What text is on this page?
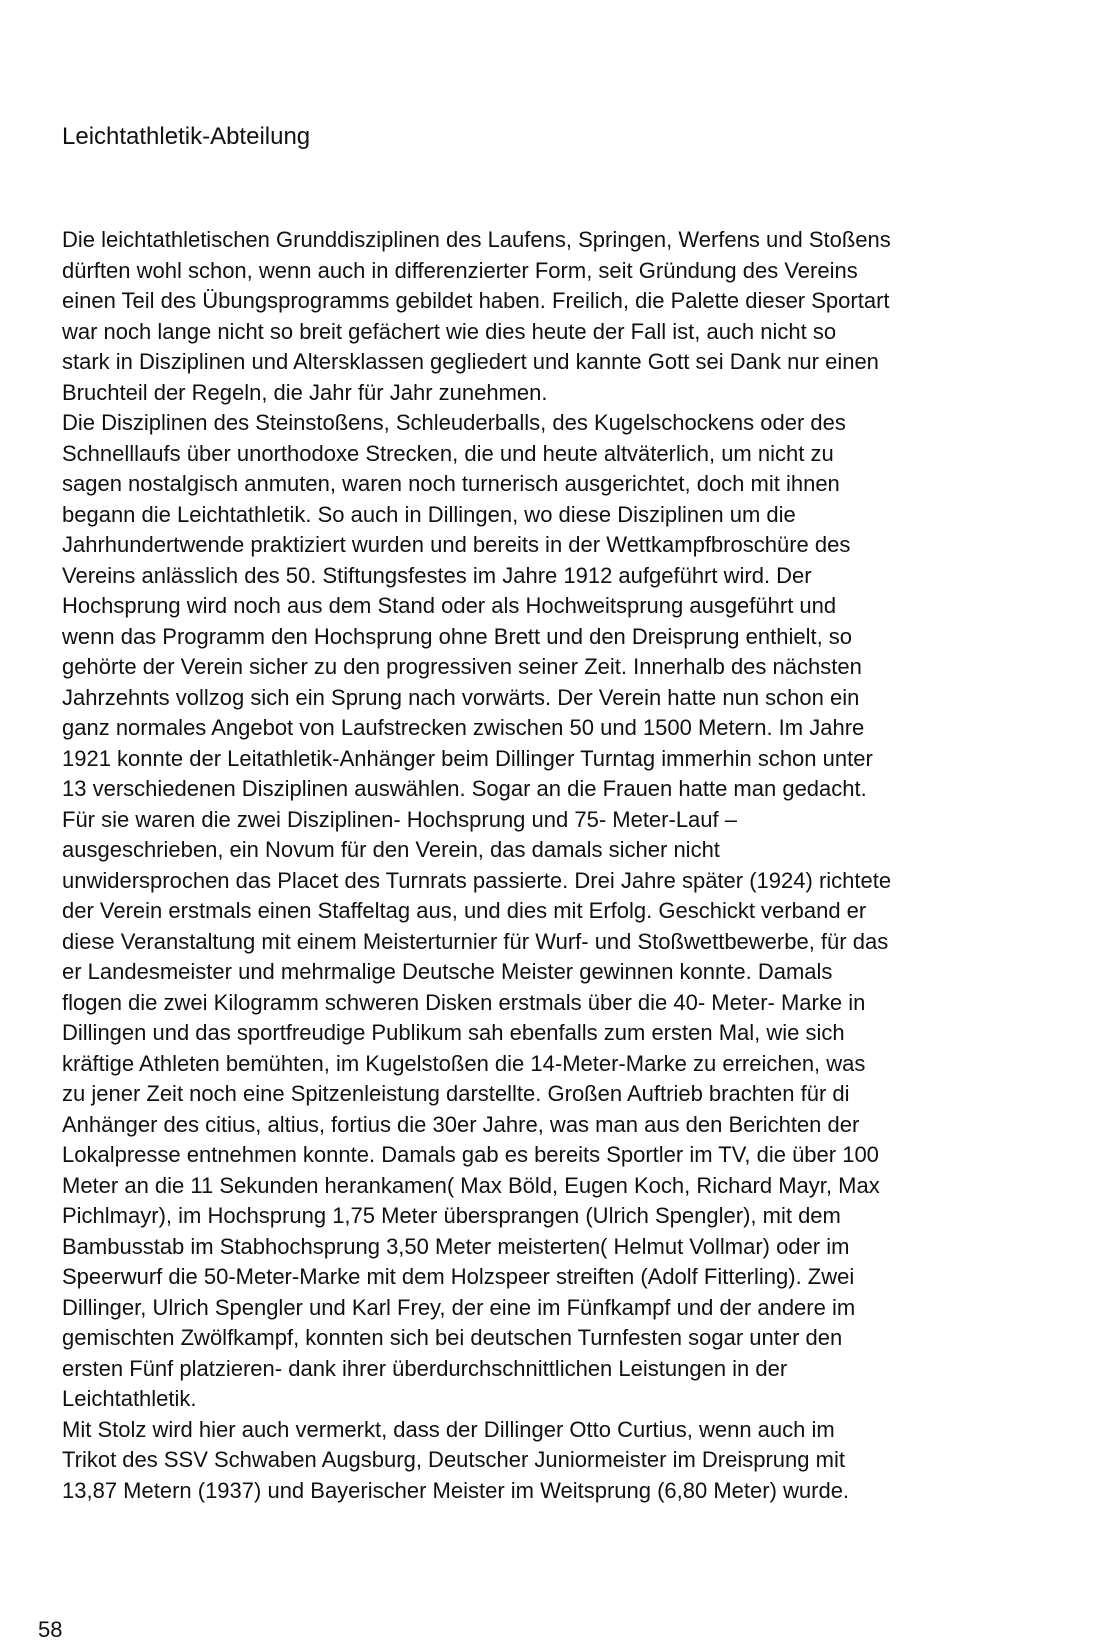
Leichtathletik-Abteilung
Die leichtathletischen Grunddisziplinen des Laufens, Springen, Werfens und Stoßens
dürften wohl schon, wenn auch in differenzierter Form, seit Gründung des Vereins
einen Teil des Übungsprogramms gebildet haben. Freilich, die Palette dieser Sportart
war noch lange nicht so breit gefächert wie dies heute der Fall ist, auch nicht so
stark in Disziplinen und Altersklassen gegliedert und kannte Gott sei Dank nur einen
Bruchteil der Regeln, die Jahr für Jahr zunehmen.
Die Disziplinen des Steinstoßens, Schleuderballs, des Kugelschockens oder des
Schnelllaufs über unorthodoxe Strecken, die und heute altväterlich, um nicht zu
sagen nostalgisch anmuten, waren noch turnerisch ausgerichtet, doch mit ihnen
begann die Leichtathletik. So auch in Dillingen, wo diese Disziplinen um die
Jahrhundertwende praktiziert wurden und bereits in der Wettkampfbroschüre des
Vereins anlässlich des 50. Stiftungsfestes im Jahre 1912 aufgeführt wird. Der
Hochsprung wird noch aus dem Stand oder als Hochweitsprung ausgeführt und
wenn das Programm den Hochsprung ohne Brett und den Dreisprung enthielt, so
gehörte der Verein sicher zu den progressiven seiner Zeit. Innerhalb des nächsten
Jahrzehnts vollzog sich ein Sprung nach vorwärts. Der Verein hatte nun schon ein
ganz normales Angebot von Laufstrecken zwischen 50 und 1500 Metern. Im Jahre
1921 konnte der Leitathletik-Anhänger beim Dillinger Turntag immerhin schon unter
13 verschiedenen Disziplinen auswählen. Sogar an die Frauen hatte man gedacht.
Für sie waren die zwei Disziplinen- Hochsprung und 75- Meter-Lauf –
ausgeschrieben, ein Novum für den Verein, das damals sicher nicht
unwidersprochen das Placet des Turnrats passierte. Drei Jahre später (1924) richtete
der Verein erstmals einen Staffeltag aus, und dies mit Erfolg. Geschickt verband er
diese Veranstaltung mit einem Meisterturnier für Wurf- und Stoßwettbewerbe, für das
er Landesmeister und mehrmalige Deutsche Meister gewinnen konnte. Damals
flogen die zwei Kilogramm schweren Disken erstmals über die 40- Meter- Marke in
Dillingen und das sportfreudige Publikum sah ebenfalls zum ersten Mal, wie sich
kräftige Athleten bemühten, im Kugelstoßen die 14-Meter-Marke zu erreichen, was
zu jener Zeit noch eine Spitzenleistung darstellte. Großen Auftrieb brachten für di
Anhänger des citius, altius, fortius die 30er Jahre, was man aus den Berichten der
Lokalpresse entnehmen konnte. Damals gab es bereits Sportler im TV, die über 100
Meter an die 11 Sekunden herankamen( Max Böld, Eugen Koch, Richard Mayr, Max
Pichlmayr), im Hochsprung 1,75 Meter übersprangen (Ulrich Spengler), mit dem
Bambusstab im Stabhochsprung 3,50 Meter meisterten( Helmut Vollmar) oder im
Speerwurf die 50-Meter-Marke mit dem Holzspeer streiften (Adolf Fitterling). Zwei
Dillinger, Ulrich Spengler und Karl Frey, der eine im Fünfkampf und der andere im
gemischten Zwölfkampf, konnten sich bei deutschen Turnfesten sogar unter den
ersten Fünf platzieren- dank ihrer überdurchschnittlichen Leistungen in der
Leichtathletik.
Mit Stolz wird hier auch vermerkt, dass der Dillinger Otto Curtius, wenn auch im
Trikot des SSV Schwaben Augsburg, Deutscher Juniormeister im Dreisprung mit
13,87 Metern (1937) und Bayerischer Meister im Weitsprung (6,80 Meter) wurde.
58
